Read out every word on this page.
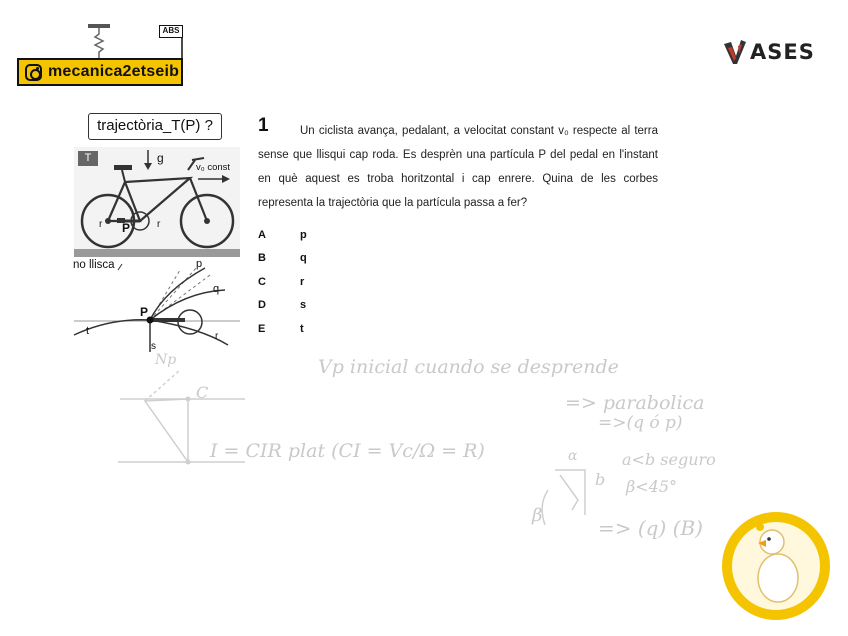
ABS
mecanica2etseib
ASES
trajectòria_T(P) ?
T	g
v₀ const
P
r	r
no llisca	p
q
P
t
s
r
1	Un ciclista avança, pedalant, a velocitat constant v₀ respecte al terra sense que llisqui cap roda. Es desprèn una partícula P del pedal en l'instant en què aquest es troba horitzontal i cap enrere. Quina de les corbes representa la trajectòria que la partícula passa a fer?
A	p
B	q
C	r
D	s
E	t
Vp inicial cuando se desprende
=> parabolica
=>(q ó p)
a<b seguro
β<45°
=> (q) (B)
I = CIR plat (CI = Vc/Ω = R)
C
Np
α
b
β
